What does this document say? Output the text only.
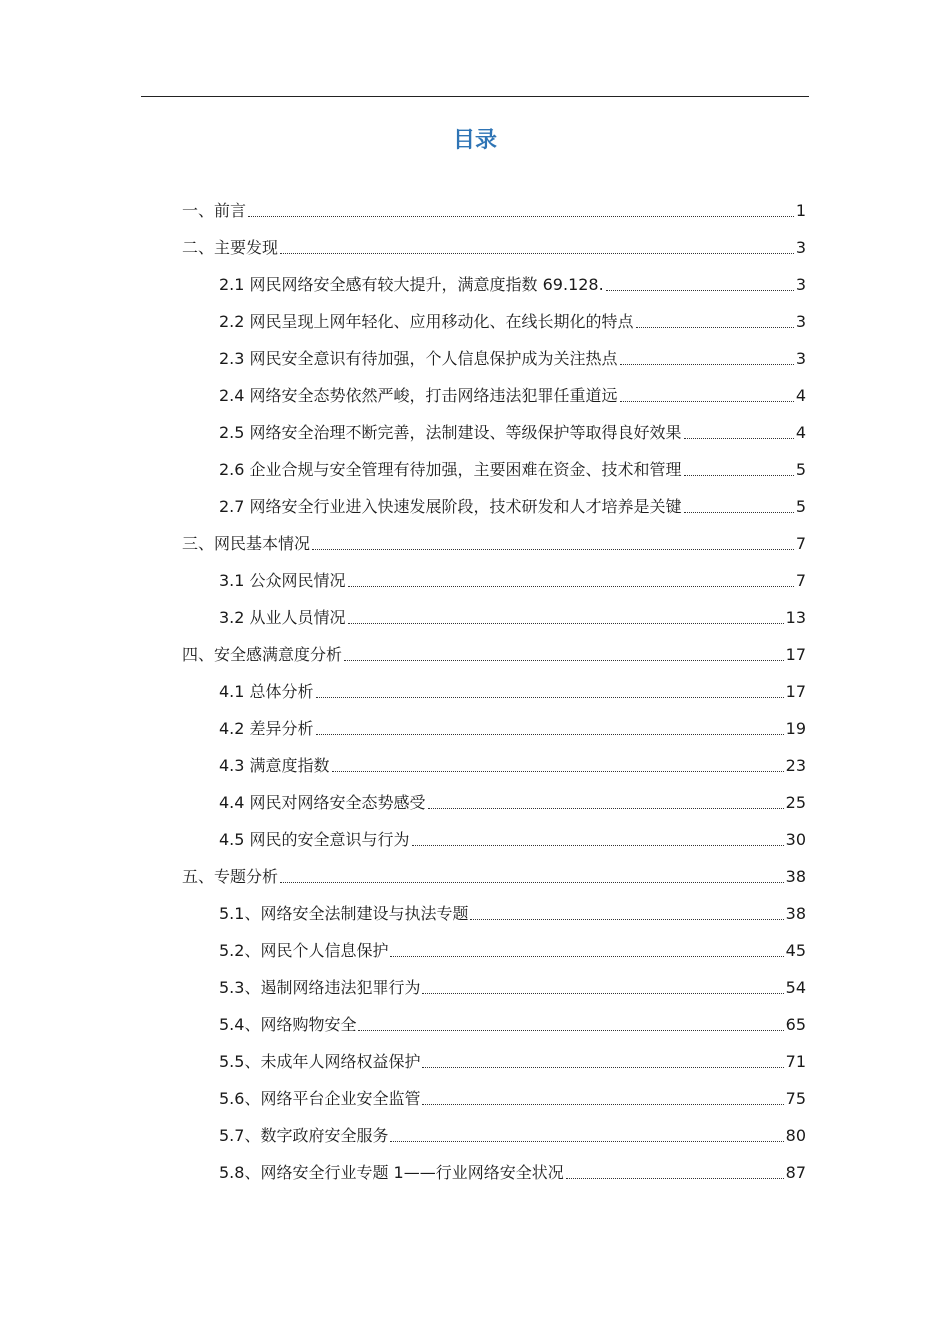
目录
一、前言	1
二、主要发现	3
2.1 网民网络安全感有较大提升，满意度指数 69.128.	3
2.2 网民呈现上网年轻化、应用移动化、在线长期化的特点	3
2.3 网民安全意识有待加强，个人信息保护成为关注热点	3
2.4 网络安全态势依然严峻，打击网络违法犯罪任重道远	4
2.5 网络安全治理不断完善，法制建设、等级保护等取得良好效果	4
2.6 企业合规与安全管理有待加强，主要困难在资金、技术和管理	5
2.7 网络安全行业进入快速发展阶段，技术研发和人才培养是关键	5
三、网民基本情况	7
3.1 公众网民情况	7
3.2 从业人员情况	13
四、安全感满意度分析	17
4.1 总体分析	17
4.2 差异分析	19
4.3 满意度指数	23
4.4 网民对网络安全态势感受	25
4.5 网民的安全意识与行为	30
五、专题分析	38
5.1、网络安全法制建设与执法专题	38
5.2、网民个人信息保护	45
5.3、遏制网络违法犯罪行为	54
5.4、网络购物安全	65
5.5、未成年人网络权益保护	71
5.6、网络平台企业安全监管	75
5.7、数字政府安全服务	80
5.8、网络安全行业专题 1——行业网络安全状况	87
